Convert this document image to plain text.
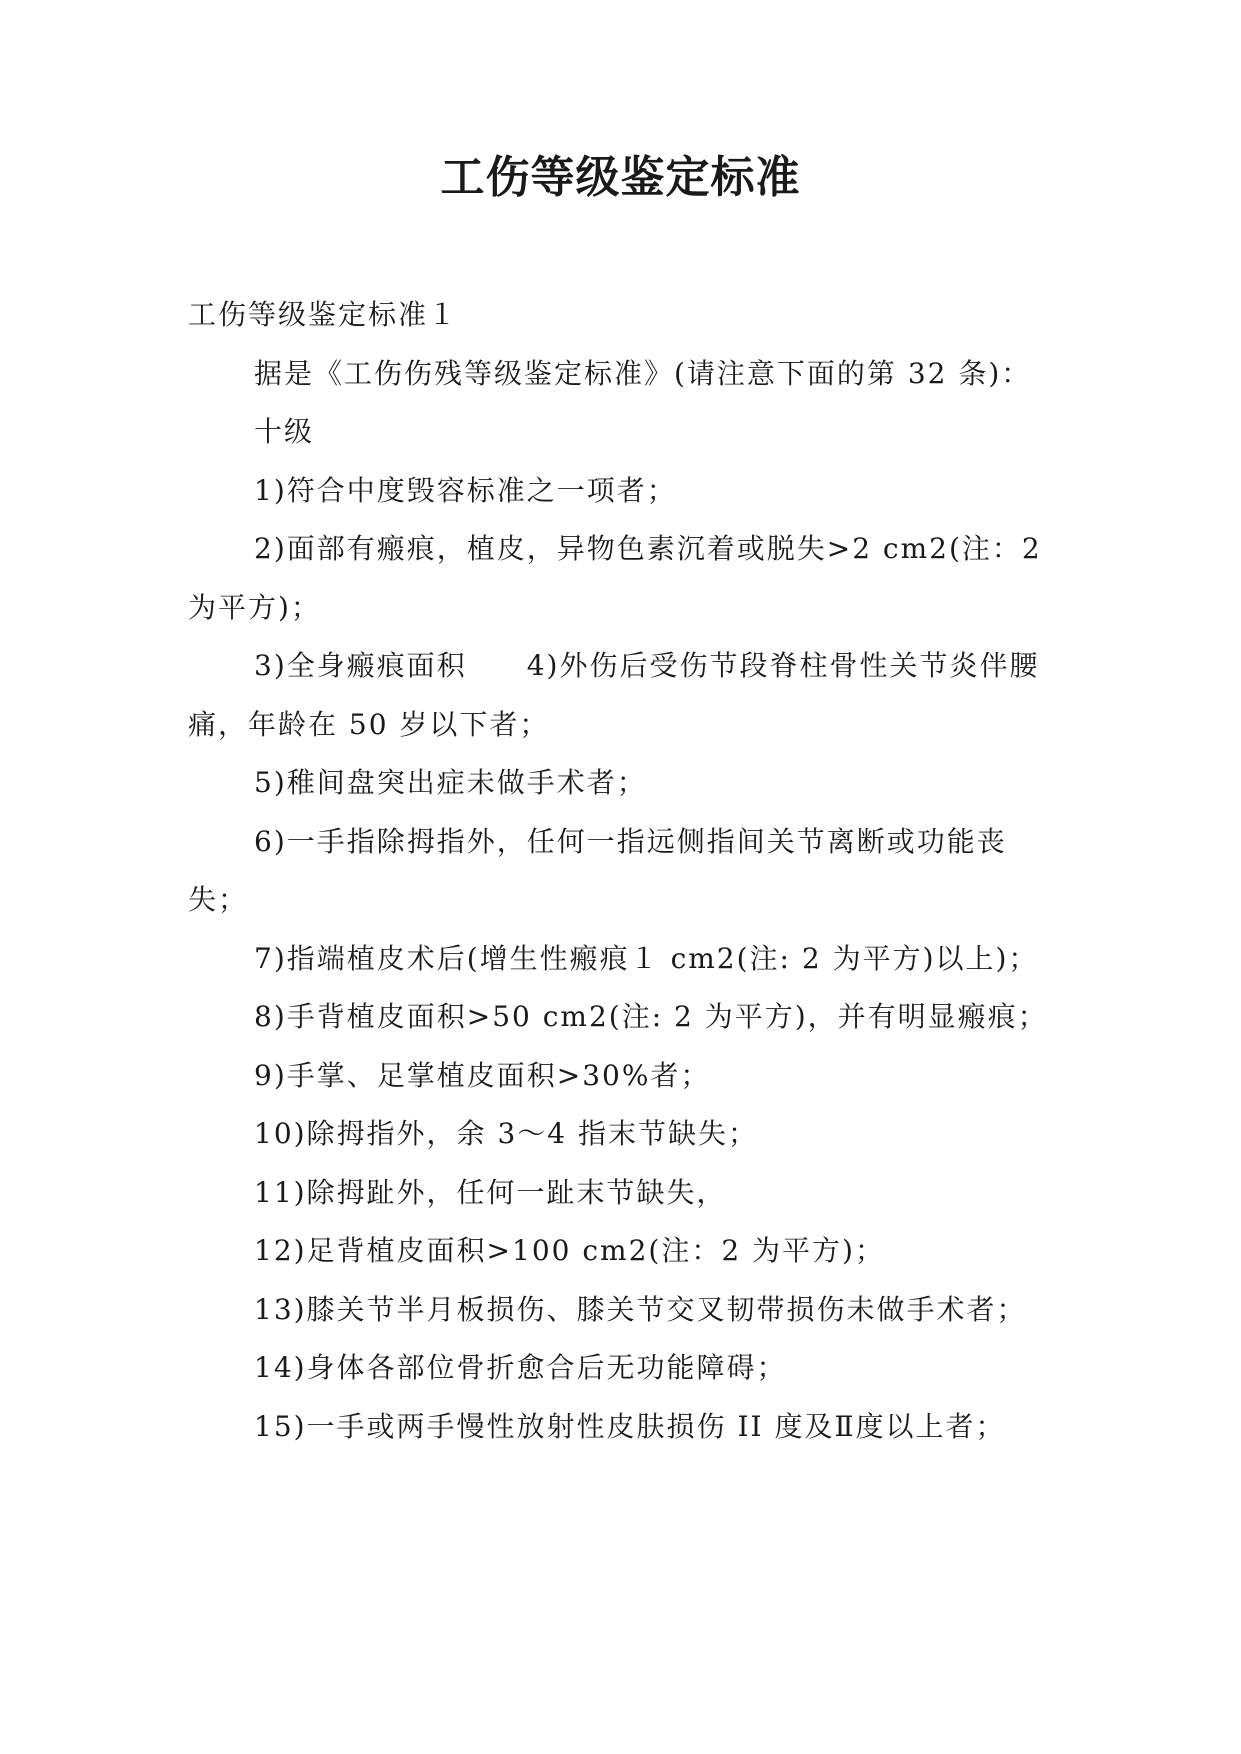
工伤等级鉴定标准

工伤等级鉴定标准１

据是《工伤伤残等级鉴定标准》(请注意下面的第 32 条)：

十级

1)符合中度毁容标准之一项者；

2)面部有瘢痕，植皮，异物色素沉着或脱失>2 cm2(注：2 为平方)；

3)全身瘢痕面积　　4)外伤后受伤节段脊柱骨性关节炎伴腰痛，年龄在 50 岁以下者；

5)稚间盘突出症未做手术者；

6)一手指除拇指外，任何一指远侧指间关节离断或功能丧失；

7)指端植皮术后(增生性瘢痕１ cm2(注: 2 为平方)以上)；

8)手背植皮面积>50 cm2(注: 2 为平方)，并有明显瘢痕；

9)手掌、足掌植皮面积>30%者；

10)除拇指外，余 3～4 指末节缺失；

11)除拇趾外，任何一趾末节缺失，

12)足背植皮面积>100 cm2(注：2 为平方)；

13)膝关节半月板损伤、膝关节交叉韧带损伤未做手术者；

14)身体各部位骨折愈合后无功能障碍；

15)一手或两手慢性放射性皮肤损伤 II 度及Ⅱ度以上者；
